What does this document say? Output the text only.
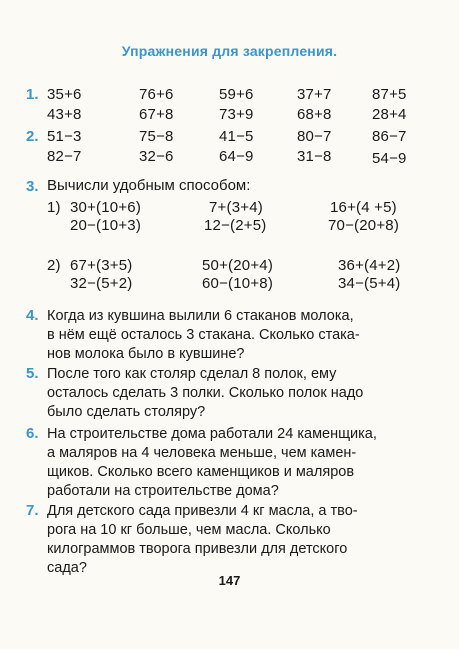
Упражнения для закрепления.
1. 35+6
43+8
76+6
67+8
59+6
73+9
37+7
68+8
87+5
28+4
2. 51−3
82−7
75−8
32−6
41−5
64−9
80−7
31−8
86−7
54−9
3. Вычисли удобным способом:
1) 30+(10+6)
20−(10+3)
7+(3+4)
12−(2+5)
16+(4 +5)
70−(20+8)
2) 67+(3+5)
32−(5+2)
50+(20+4)
60−(10+8)
36+(4+2)
34−(5+4)
4. Когда из кувшина вылили 6 стаканов молока,
в нём ещё осталось 3 стакана. Сколько стака-
нов молока было в кувшине?
5. После того как столяр сделал 8 полок, ему
осталось сделать 3 полки. Сколько полок надо
было сделать столяру?
6. На строительстве дома работали 24 каменщика,
а маляров на 4 человека меньше, чем камен-
щиков. Сколько всего каменщиков и маляров
работали на строительстве дома?
7. Для детского сада привезли 4 кг масла, а тво-
рога на 10 кг больше, чем масла. Сколько
килограммов творога привезли для детского
сада?
147
